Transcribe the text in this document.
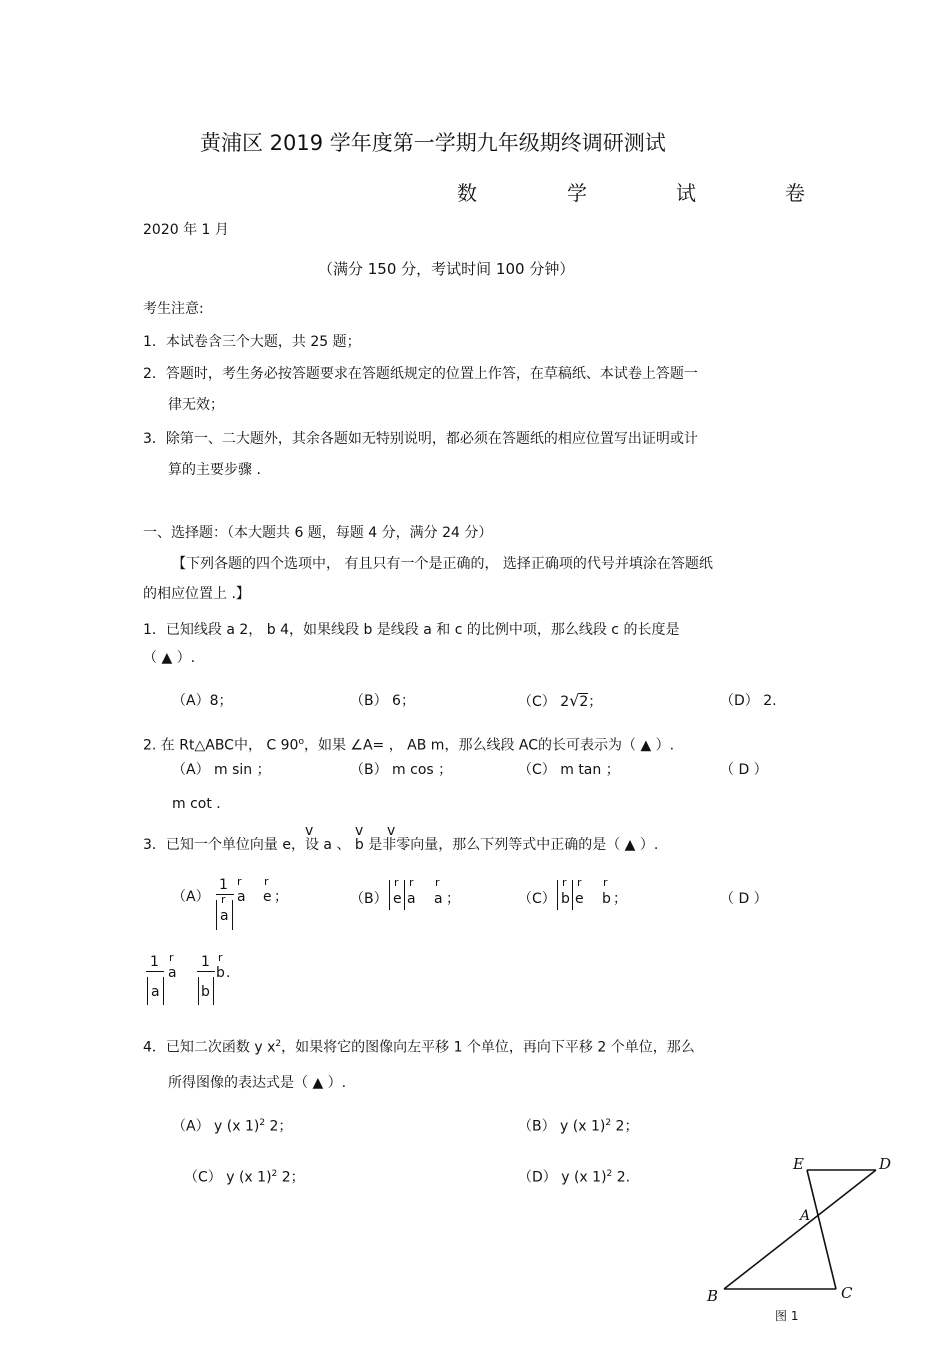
黄浦区 2019 学年度第一学期九年级期终调研测试
数	学	试	卷
2020 年 1 月
（满分 150 分，考试时间 100 分钟）
考生注意:
1．本试卷含三个大题，共 25 题；
2．答题时，考生务必按答题要求在答题纸规定的位置上作答，在草稿纸、本试卷上答题一
律无效；
3．除第一、二大题外，其余各题如无特别说明，都必须在答题纸的相应位置写出证明或计
算的主要步骤 .
一、选择题：（本大题共 6 题，每题 4 分，满分 24 分）
【下列各题的四个选项中， 有且只有一个是正确的， 选择正确项的代号并填涂在答题纸
的相应位置上 .】
1．已知线段 a 2， b 4，如果线段 b 是线段 a 和 c 的比例中项，那么线段 c 的长度是
（ ▲ ）.
（A）8；	（B） 6；	（C） 2√2；	（D） 2.
2. 在 Rt△ABC中， C 90$^o$，如果 ∠A= ， AB m，那么线段 AC的长可表示为（ ▲ ）.
（A） m sin ；	（B） m cos ；	（C） m tan ；	（ D ）
m cot .
v	v v
3．已知一个单位向量 e，设 a 、 b 是非零向量，那么下列等式中正确的是（ ▲ ）.
（A）
1 r
a
r
e ；
r
a
（B）
r
e
r
a
r
a ；	（C）
r
b
r
e
r
b ；	（ D ）
1 r
a
a
1 r
b .
b
4．已知二次函数 y $x^2$，如果将它的图像向左平移 1 个单位，再向下平移 2 个单位，那么
所得图像的表达式是（ ▲ ）.
（A） y (x 1)$^2$ 2；	（B） y (x 1)$^2$ 2；
（C） y (x 1)$^2$ 2；	（D） y (x 1)$^2$ 2.
E	D
A
B	C
图 1
